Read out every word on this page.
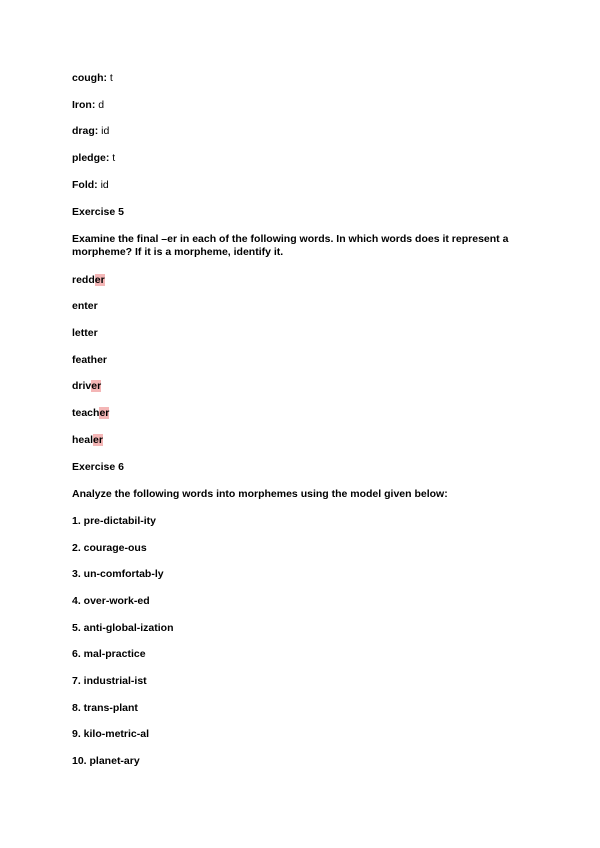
cough: t
Iron: d
drag: id
pledge: t
Fold: id
Exercise 5
Examine the final –er in each of the following words. In which words does it represent a morpheme? If it is a morpheme, identify it.
redder
enter
letter
feather
driver
teacher
healer
Exercise 6
Analyze the following words into morphemes using the model given below:
1. pre-dictabil-ity
2. courage-ous
3. un-comfortab-ly
4. over-work-ed
5. anti-global-ization
6. mal-practice
7. industrial-ist
8. trans-plant
9. kilo-metric-al
10. planet-ary
